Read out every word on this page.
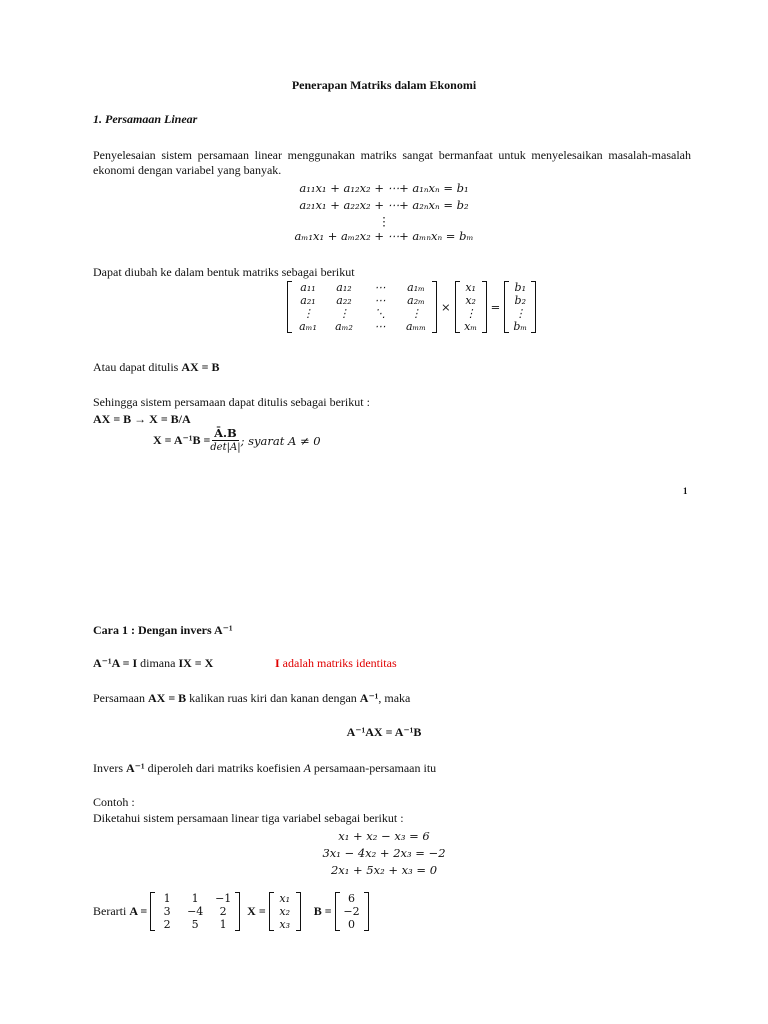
Penerapan Matriks dalam Ekonomi
1. Persamaan Linear
Penyelesaian sistem persamaan linear menggunakan matriks sangat bermanfaat untuk menyelesaikan masalah-masalah ekonomi dengan variabel yang banyak.
a₁₁x₁ + a₁₂x₂ + ⋯+ a₁ₙxₙ = b₁
a₂₁x₁ + a₂₂x₂ + ⋯+ a₂ₙxₙ = b₂
⋮
aₘ₁x₁ + aₘ₂x₂ + ⋯+ aₘₙxₙ = bₘ
Dapat diubah ke dalam bentuk matriks sebagai berikut
a₁₁	a₁₂	⋯	a₁ₘ
a₂₁	a₂₂	⋯	a₂ₘ
⋮	⋮	⋱	⋮
aₘ₁	aₘ₂	⋯	aₘₘ
×
x₁
x₂
⋮
xₘ
=
b₁
b₂
⋮
bₘ
Atau dapat ditulis AX = B
Sehingga sistem persamaan dapat ditulis sebagai berikut :
AX = B → X = B/A
$X = A^{-1}B = \frac{Ā.B}{\det|A|}$ ; syarat A ≠ 0
1
Cara 1 : Dengan invers A⁻¹
A⁻¹A = I dimana IX = X	I adalah matriks identitas
Persamaan AX = B kalikan ruas kiri dan kanan dengan A⁻¹, maka
A⁻¹AX = A⁻¹B
Invers A⁻¹ diperoleh dari matriks koefisien A persamaan-persamaan itu
Contoh :
Diketahui sistem persamaan linear tiga variabel sebagai berikut :
x₁ + x₂ − x₃ = 6
3x₁ − 4x₂ + 2x₃ = −2
2x₁ + 5x₂ + x₃ = 0
Berarti A =
1	1	−1
3	−4	2
2	5	1
X =
x₁
x₂
x₃
B =
6
−2
0
